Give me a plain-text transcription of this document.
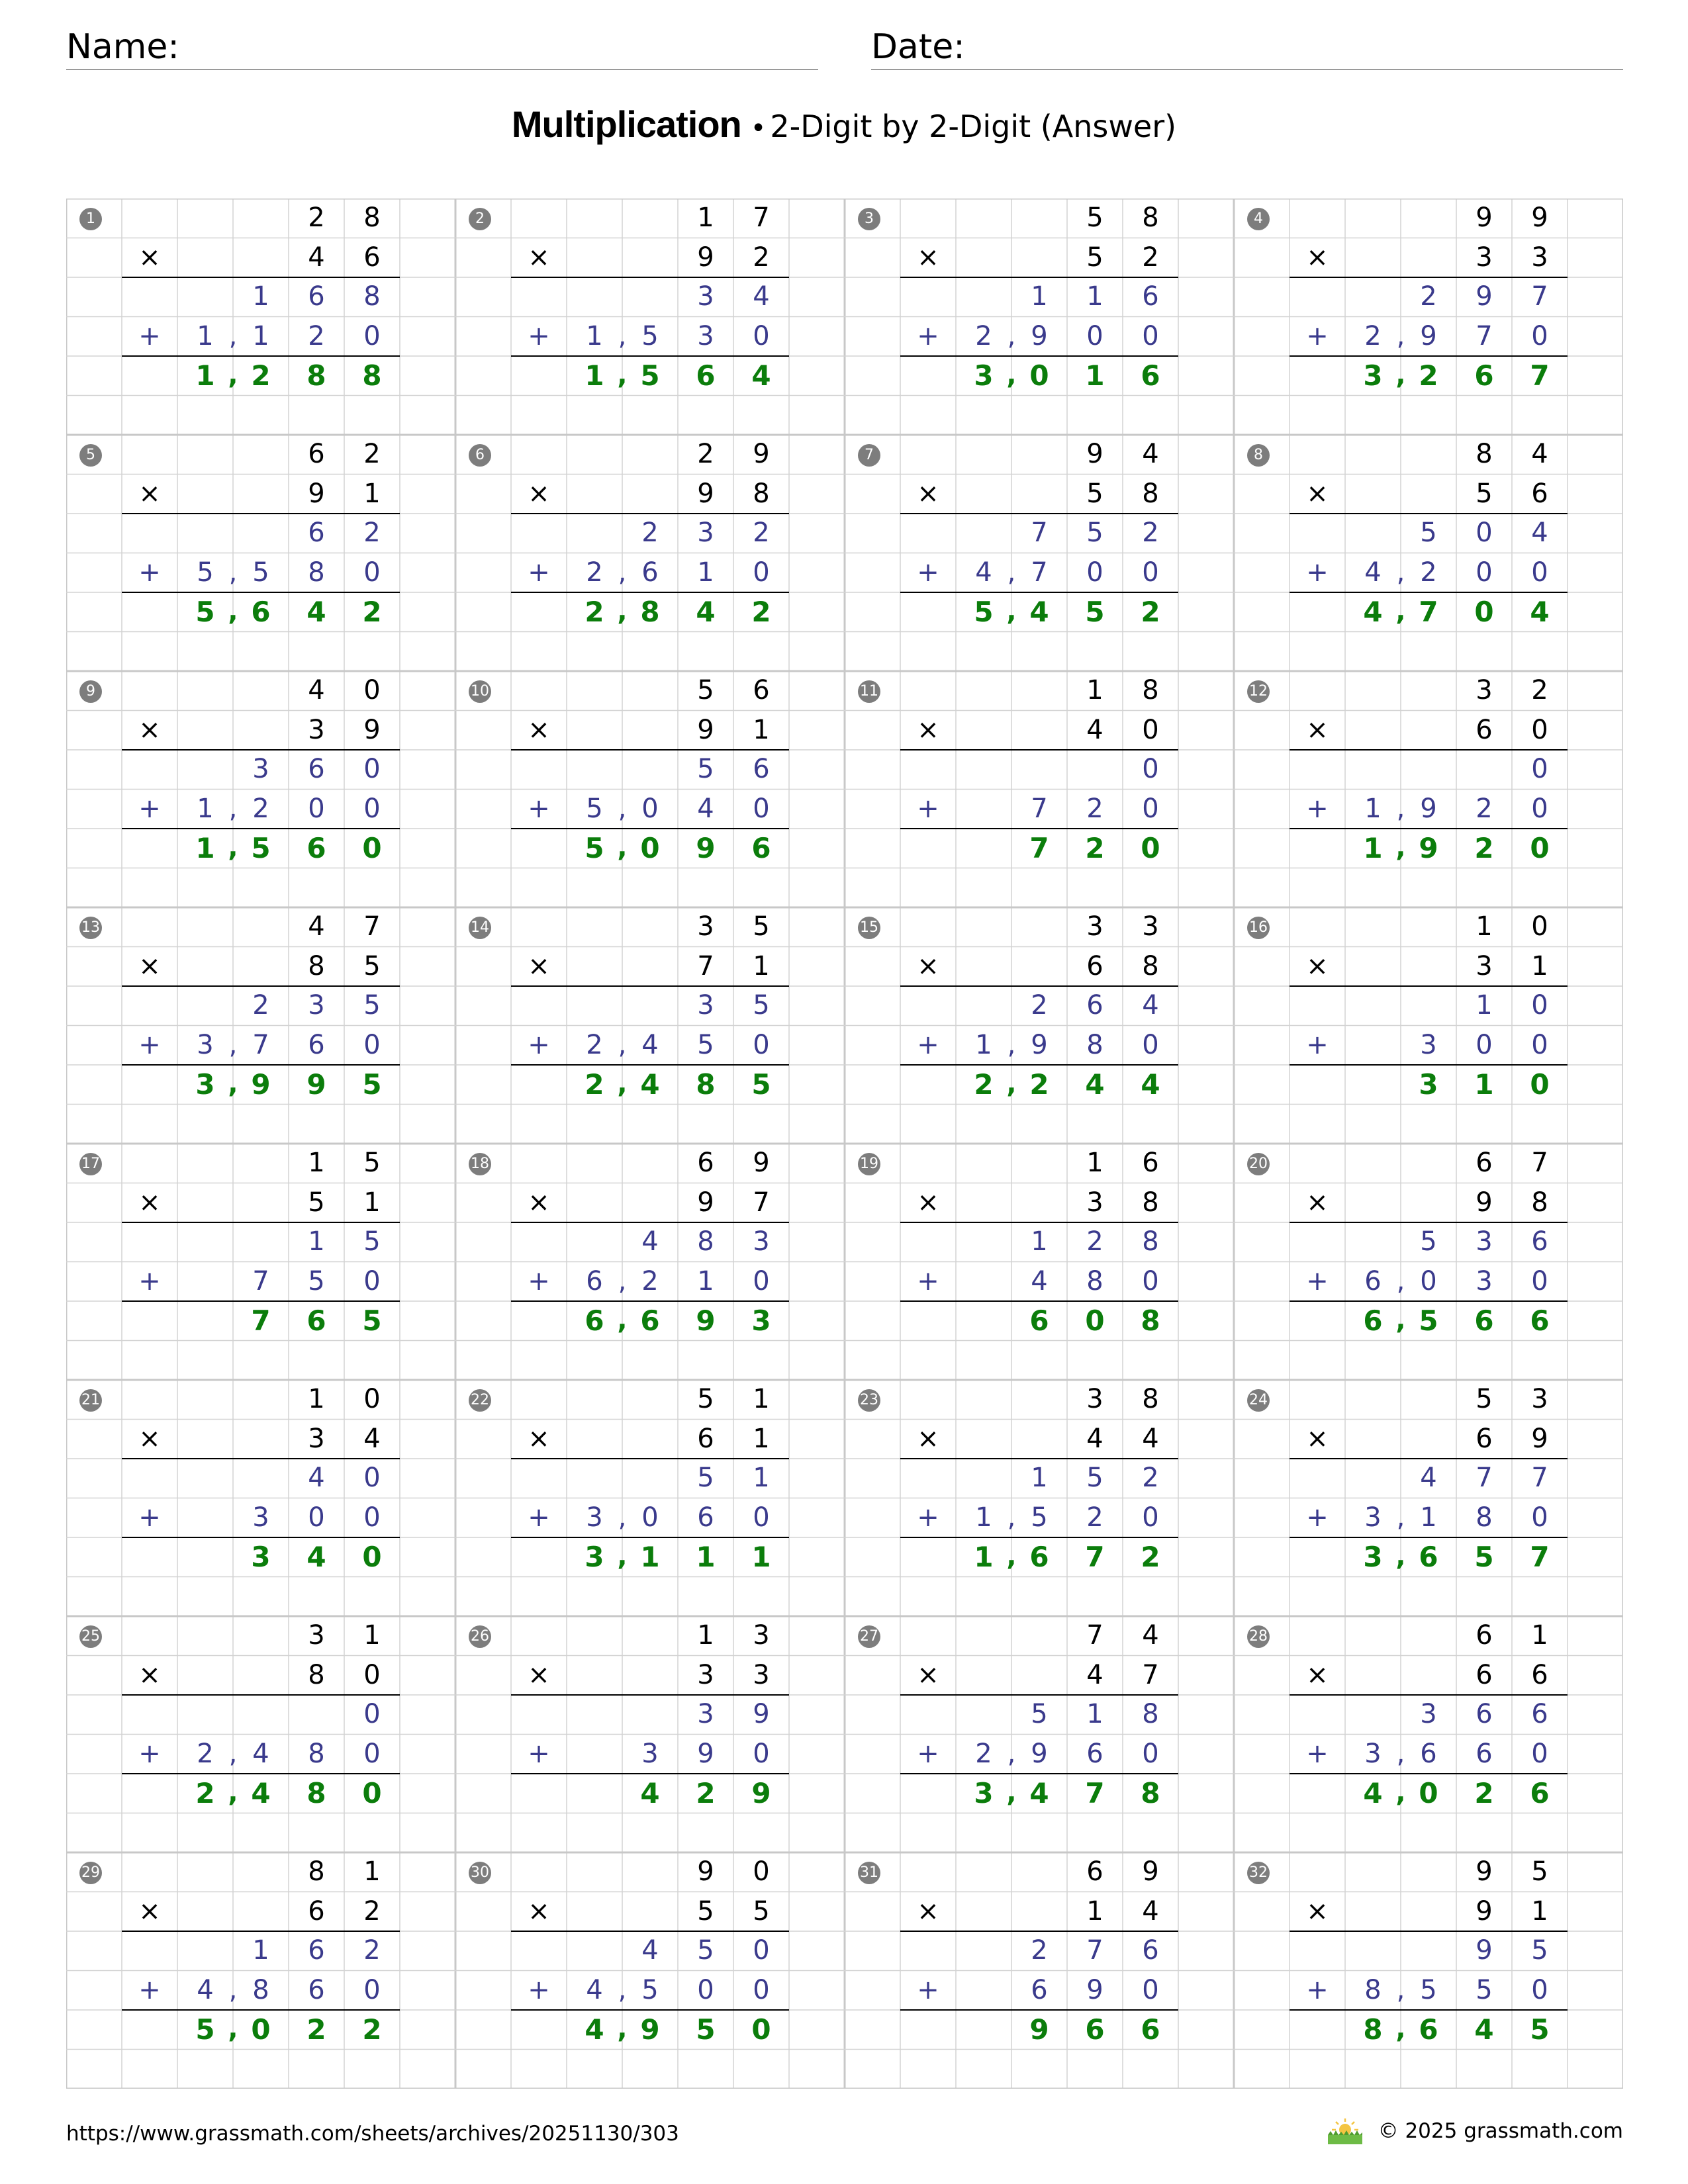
Name:	Date:
Multiplication • 2-Digit by 2-Digit (Answer)
1	2	8
×	4	6
1	6	8
+	1 , 1	2	0
1 , 2	8	8
2	1	7
×	9	2
3	4
+	1 , 5	3	0
1 , 5	6	4
3	5	8
×	5	2
1	1	6
+	2 , 9	0	0
3 , 0	1	6
4	9	9
×	3	3
2	9	7
+	2 , 9	7	0
3 , 2	6	7
5	6	2
×	9	1
6	2
+	5 , 5	8	0
5 , 6	4	2
6	2	9
×	9	8
2	3	2
+	2 , 6	1	0
2 , 8	4	2
7	9	4
×	5	8
7	5	2
+	4 , 7	0	0
5 , 4	5	2
8	8	4
×	5	6
5	0	4
+	4 , 2	0	0
4 , 7	0	4
9	4	0
×	3	9
3	6	0
+	1 , 2	0	0
1 , 5	6	0
10	5	6
×	9	1
5	6
+	5 , 0	4	0
5 , 0	9	6
11	1	8
×	4	0
0
+	7	2	0
7	2	0
12	3	2
×	6	0
0
+	1 , 9	2	0
1 , 9	2	0
13	4	7
×	8	5
2	3	5
+	3 , 7	6	0
3 , 9	9	5
14	3	5
×	7	1
3	5
+	2 , 4	5	0
2 , 4	8	5
15	3	3
×	6	8
2	6	4
+	1 , 9	8	0
2 , 2	4	4
16	1	0
×	3	1
1	0
+	3	0	0
3	1	0
17	1	5
×	5	1
1	5
+	7	5	0
7	6	5
18	6	9
×	9	7
4	8	3
+	6 , 2	1	0
6 , 6	9	3
19	1	6
×	3	8
1	2	8
+	4	8	0
6	0	8
20	6	7
×	9	8
5	3	6
+	6 , 0	3	0
6 , 5	6	6
21	1	0
×	3	4
4	0
+	3	0	0
3	4	0
22	5	1
×	6	1
5	1
+	3 , 0	6	0
3 , 1	1	1
23	3	8
×	4	4
1	5	2
+	1 , 5	2	0
1 , 6	7	2
24	5	3
×	6	9
4	7	7
+	3 , 1	8	0
3 , 6	5	7
25	3	1
×	8	0
0
+	2 , 4	8	0
2 , 4	8	0
26	1	3
×	3	3
3	9
+	3	9	0
4	2	9
27	7	4
×	4	7
5	1	8
+	2 , 9	6	0
3 , 4	7	8
28	6	1
×	6	6
3	6	6
+	3 , 6	6	0
4 , 0	2	6
29	8	1
×	6	2
1	6	2
+	4 , 8	6	0
5 , 0	2	2
30	9	0
×	5	5
4	5	0
+	4 , 5	0	0
4 , 9	5	0
31	6	9
×	1	4
2	7	6
+	6	9	0
9	6	6
32	9	5
×	9	1
9	5
+	8 , 5	5	0
8 , 6	4	5
https://www.grassmath.com/sheets/archives/20251130/303	© 2025 grassmath.com
